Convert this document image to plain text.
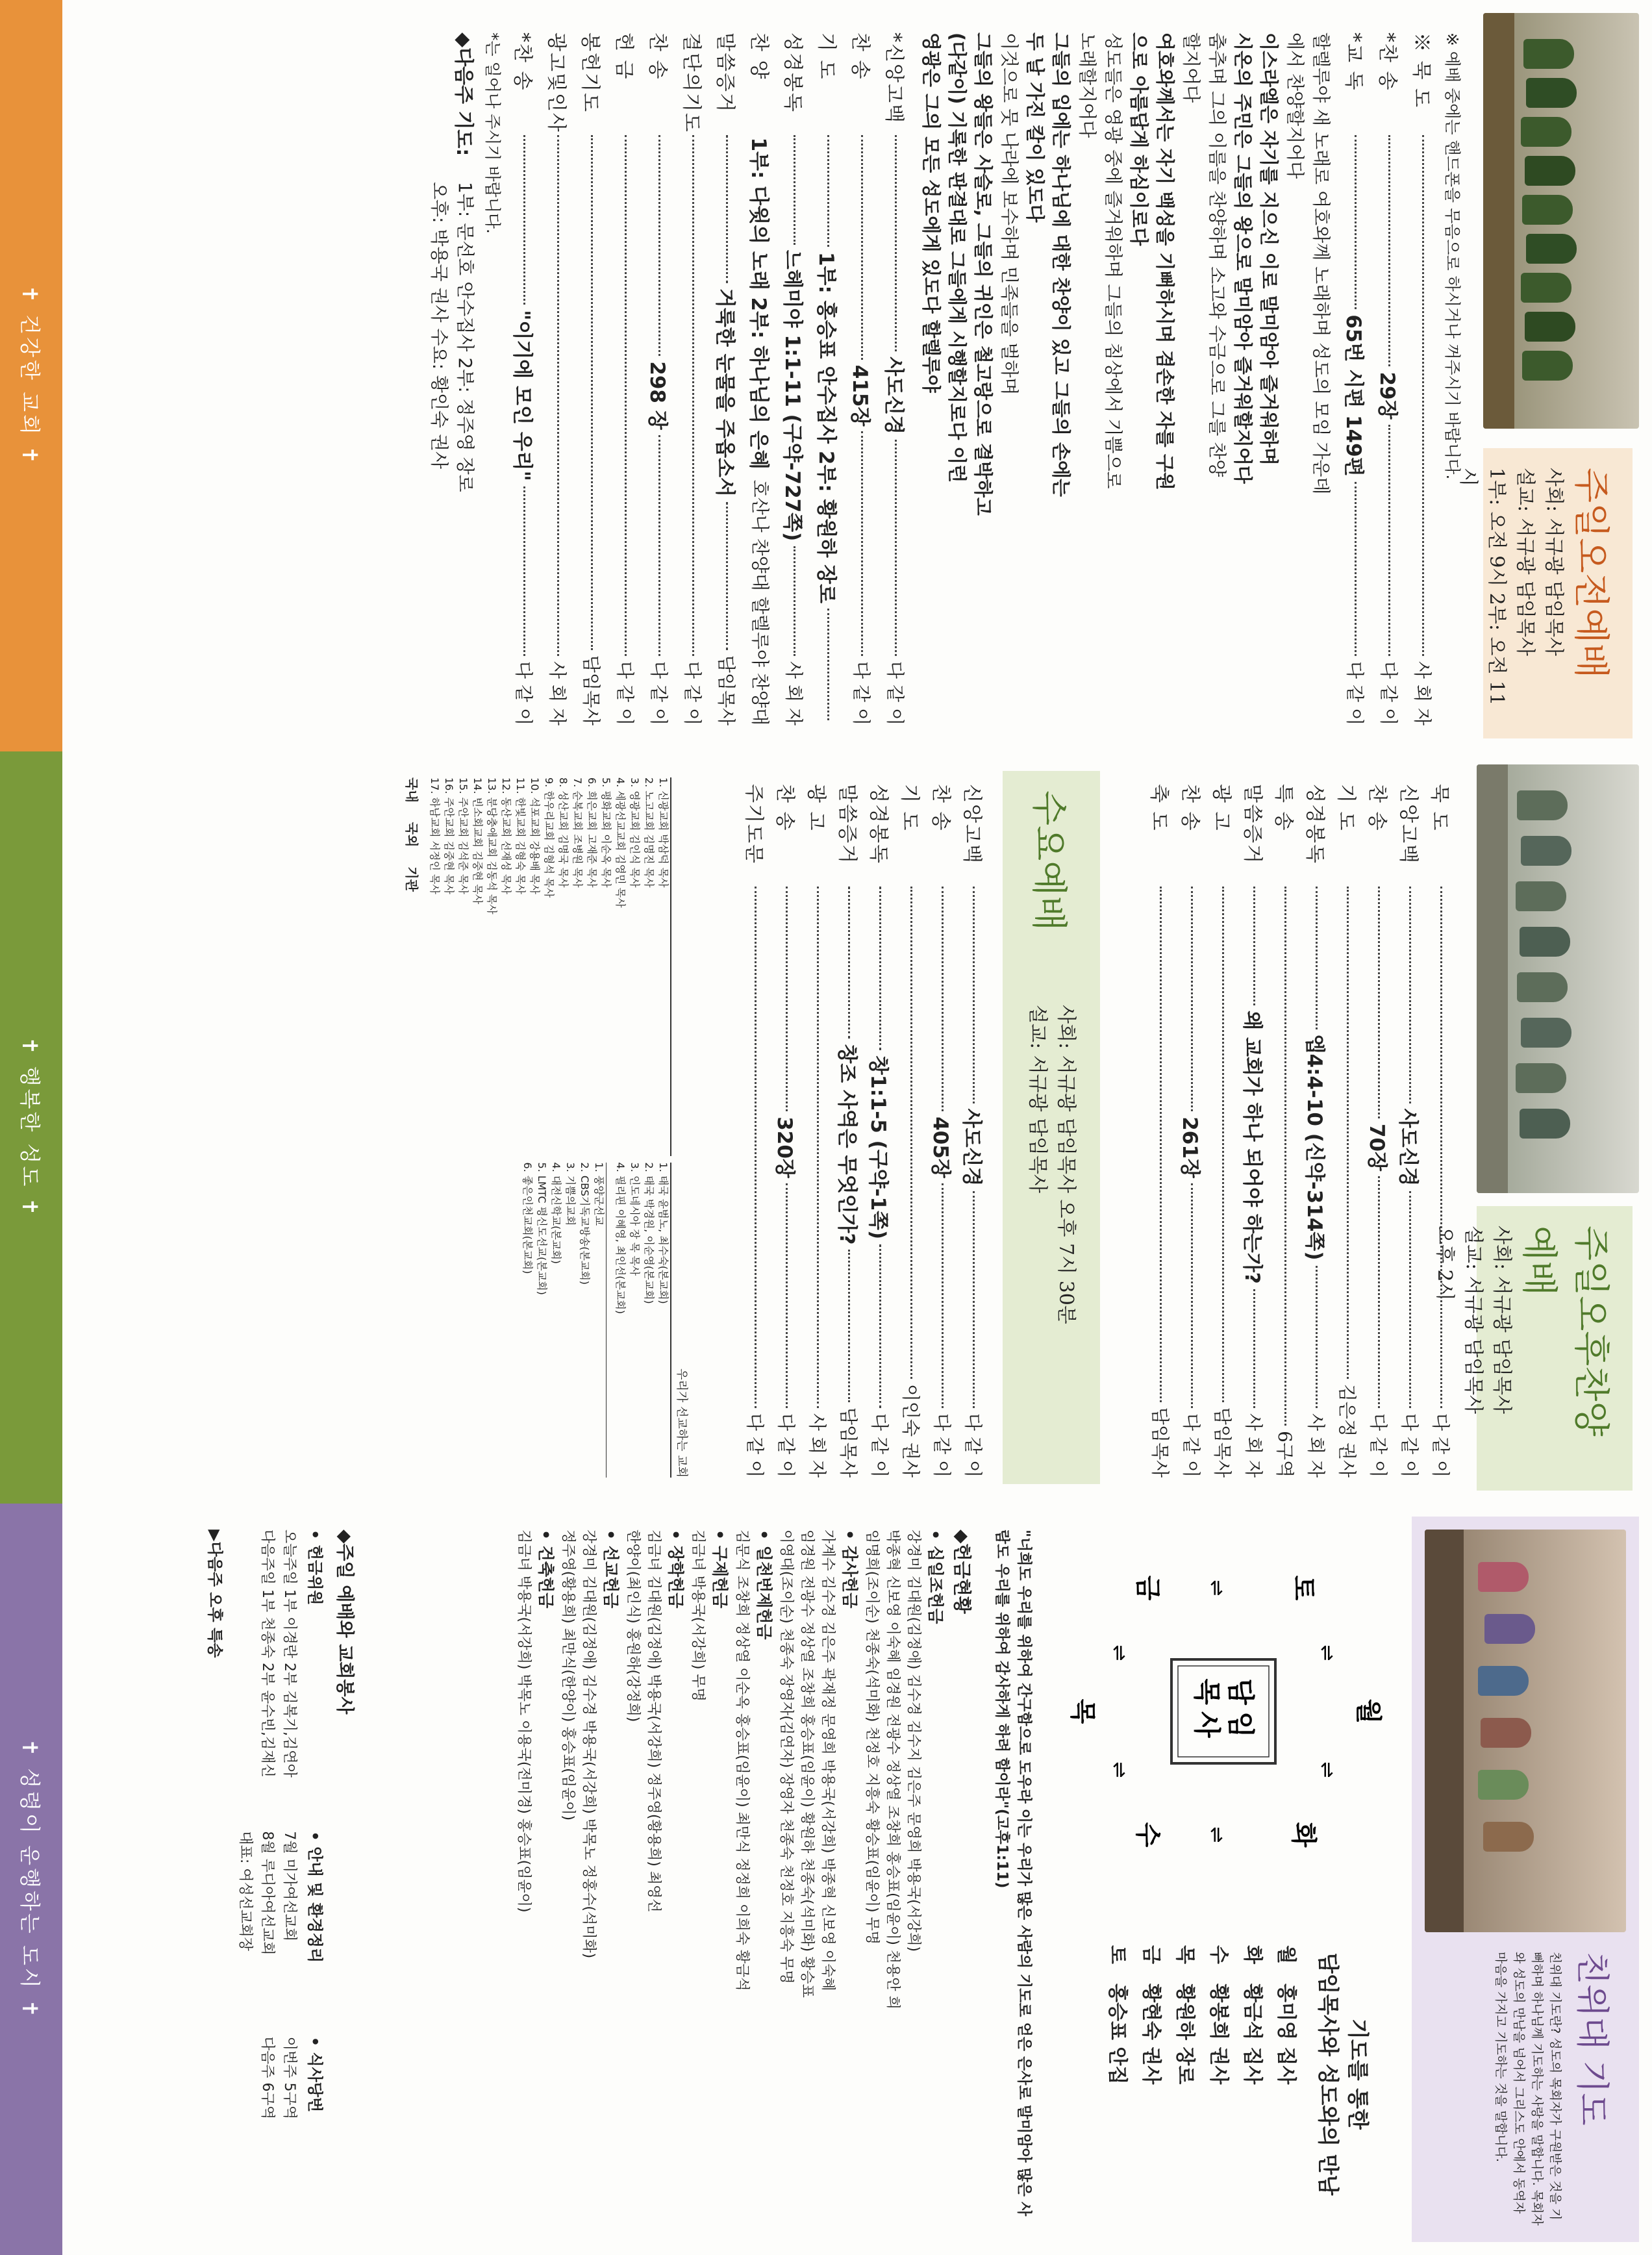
주일오전예배
사회: 서규광 담임목사
설교: 서규광 담임목사
1부: 오전 9시 2부: 오전 11시
※ 예배 중에는 핸드폰을 무음으로 하시거나 꺼주시기 바랍니다.
※ 묵 도
사 회 자
*찬 송
29장
다 같 이
*교 독
65번 시편 149편
다 같 이
할렐루야 새 노래로 여호와께 노래하며 성도의 모임 가운데
에서 찬양할지어다
이스라엘은 자기를 지으신 이로 말미암아 즐거워하며
시온의 주민은 그들의 왕으로 말미암아 즐거워할지어다
춤추며 그의 이름을 찬양하며 소고와 수금으로 그를 찬양
할지어다
여호와께서는 자기 백성을 기뻐하시며 겸손한 자를 구원
으로 아름답게 하심이로다
성도들은 영광 중에 즐거워하며 그들의 침상에서 기쁨으로
노래할지어다
그들의 입에는 하나님에 대한 찬양이 있고 그들의 손에는
두 날 가진 칼이 있도다
이것으로 뭇 나라에 보수하며 민족들을 벌하며
그들의 왕들은 사슬로, 그들의 귀인은 철고랑으로 결박하고
(다같이) 기록한 판결대로 그들에게 시행할지로다 이런
영광은 그의 모든 성도에게 있도다 할렐루야
*신앙고백
사도신경
다 같 이
찬 송
415장
다 같 이
기 도
1부: 홍승표 안수집사 2부: 황원하 장로
성경봉독
느헤미야 1:1-11 (구약-727쪽)
사 회 자
찬 양
1부: 다윗의 노래 2부: 하나님의 은혜
호산나 찬양대 할렐루야 찬양대
말씀증거
거룩한 눈물을 주옵소서
담임목사
결단의기도
다 같 이
찬 송
298 장
다 같 이
헌 금
다 같 이
봉헌기도
담임목사
광고및인사
사 회 자
*찬 송
"이기에 모인 우리"
다 같 이
*는 일어나 주시기 바랍니다.
◆다음주 기도:
1부: 문선호 안수집사 2부: 정주영 장로
오후: 박용국 권사 수요: 황인숙 권사
✝ 건강한 교회 ✝
주일오후찬양예배
사회: 서규광 담임목사
설교: 서규광 담임목사
오후 2시
묵 도
다 같 이
신앙고백
사도신경
다 같 이
찬 송
70장
다 같 이
기 도
김은정 권사
성경봉독
엡4:4-10 (신약-314쪽)
사 회 자
특 송
6구역
말씀증거
왜 교회가 하나 되어야 하는가?
사 회 자
광 고
담임목사
찬 송
261장
다 같 이
축 도
담임목사
수요예배
사회: 서규광 담임목사 오후 7시 30분
설교: 서규광 담임목사
신앙고백
사도신경
다 같 이
찬 송
405장
다 같 이
기 도
이인숙 권사
성경봉독
창1:1-5 (구약-1쪽)
다 같 이
말씀증거
창조 사역은 무엇인가?
담임목사
광 고
사 회 자
찬 송
320장
다 같 이
주기도문
다 같 이
우리가 선교하는 교회
1. 신광교회 박삼덕 목사
2. 노고교회 김명진 목사
3. 영광교회 김인식 목사
4. 세광선교교회 김영민 목사
5. 평화교회 이순옥 목사
6. 희은교회 고재준 목사
7. 순복교회 조병원 목사
8. 성산교회 김명국 목사
9. 한우리교회 김형석 목사
10. 석포교회 강용배 목사
11. 한빛교회 김형숙 목사
12. 동산교회 선재성 목사
13. 분당충애교회 김동석 목사
14. 빈소회교회 김중현 목사
15. 주안교회 김석준 목사
16. 주안교회 김중현 목사
17. 하남교회 서정인 목사
1. 태국 윤범노, 최수숙(본교회)
2. 태국 박경원, 이순영(본교회)
3. 인도네시아 장 목 목사
4. 필리핀 이혜영, 최인선(본교회)
1. 풍양군선교
2. CBS기독교방송(본교회)
3. 기쁨의교회
4. 대전신학교(본교회)
5. LMTC 평신도선교(본교회)
6. 좋은인천교회(본교회)
국내
국외
기관
✝ 행복한 성도 ✝
친위대 기도
친위대 기도란? 성도의 목회자가 구원받은 것을 기뻐하며 하나님께 기도하는 사랑을 말합니다. 목회자와 성도의 만남을 넘어서 그리스도 안에서 동역자 마음을 가지고 기도하는 것을 말합니다.
담임
목사	월
화
수
목
금	토
⇌
⇌
⇌
⇌
⇌
⇌
기도를 통한
담임목사와 성도와의 만남
월
홍미영 집사
화
황금석 집사
수
황봉희 권사
목
황원하 장로
금
황현숙 권사
토
홍승표 안집
"너희도 우리를 위하여 간구함으로 도우라 이는 우리가 많은 사람의 기도로 얻은 은사로 말미암아 많은 사람도 우리를 위하여 감사하게 하려 함이라"(고후1:11)
◆헌금현황
• 십일조헌금
강경미 김대원(김정애) 김수경 김수지 김은주 문영희 박용국(서강희)
박종혁 신보영 이숙혜 임경원 전광수 정상열 조창희 홍승표(임윤이) 천용안 희
임명희(조이순) 천종숙(석미화) 천정호 지흥숙 황승표(임윤이) 무명
• 감사헌금
가계수 김수경 김은주 곽재정 문영희 박용국(서강희) 박종혁 신보영 이숙혜
임경원 전광수 정상열 조창희 홍승표(임윤이) 황원하 천종숙(석미화) 황승표
이영대(조이순) 천종숙 장영자(김연자) 장영자 천종숙 천정호 지흥숙 무명
• 일천번제헌금
김문식 조창희 정상열 이순옥 홍승표(임윤이) 최만식 정정희 이희숙 황금석
• 구제헌금
김금녀 박용국(서강희) 무명
• 장학헌금
김금녀 김대원(김정애) 박용국(서강희) 정주영(황용희) 최영선
한양이(최인식) 홍원하(강정희)
• 선교헌금
강경미 김대원(김정애) 김수경 박용국(서강희) 박목노 정홍수(석미화)
정주영(황용희) 최만식(한양이) 홍승표(임윤이)
• 건축헌금
김금녀 박용국(서강희) 박목노 이용국(전미경) 홍승표(임윤이)
◆주일 예배와 교회봉사
• 헌금위원
오늘주일 1부 이경란 2부 김복기,김연아
다음주일 1부 천종숙 2부 윤수빈,김재신
• 안내 및 환경정리
7월 미가여선교회
8월 루디아여선교회
대표: 여성선교회장
• 식사당번
이번주 5구역
다음주 6구역
▶다음주 오후 특송
✝ 성령이 운행하는 도시 ✝
